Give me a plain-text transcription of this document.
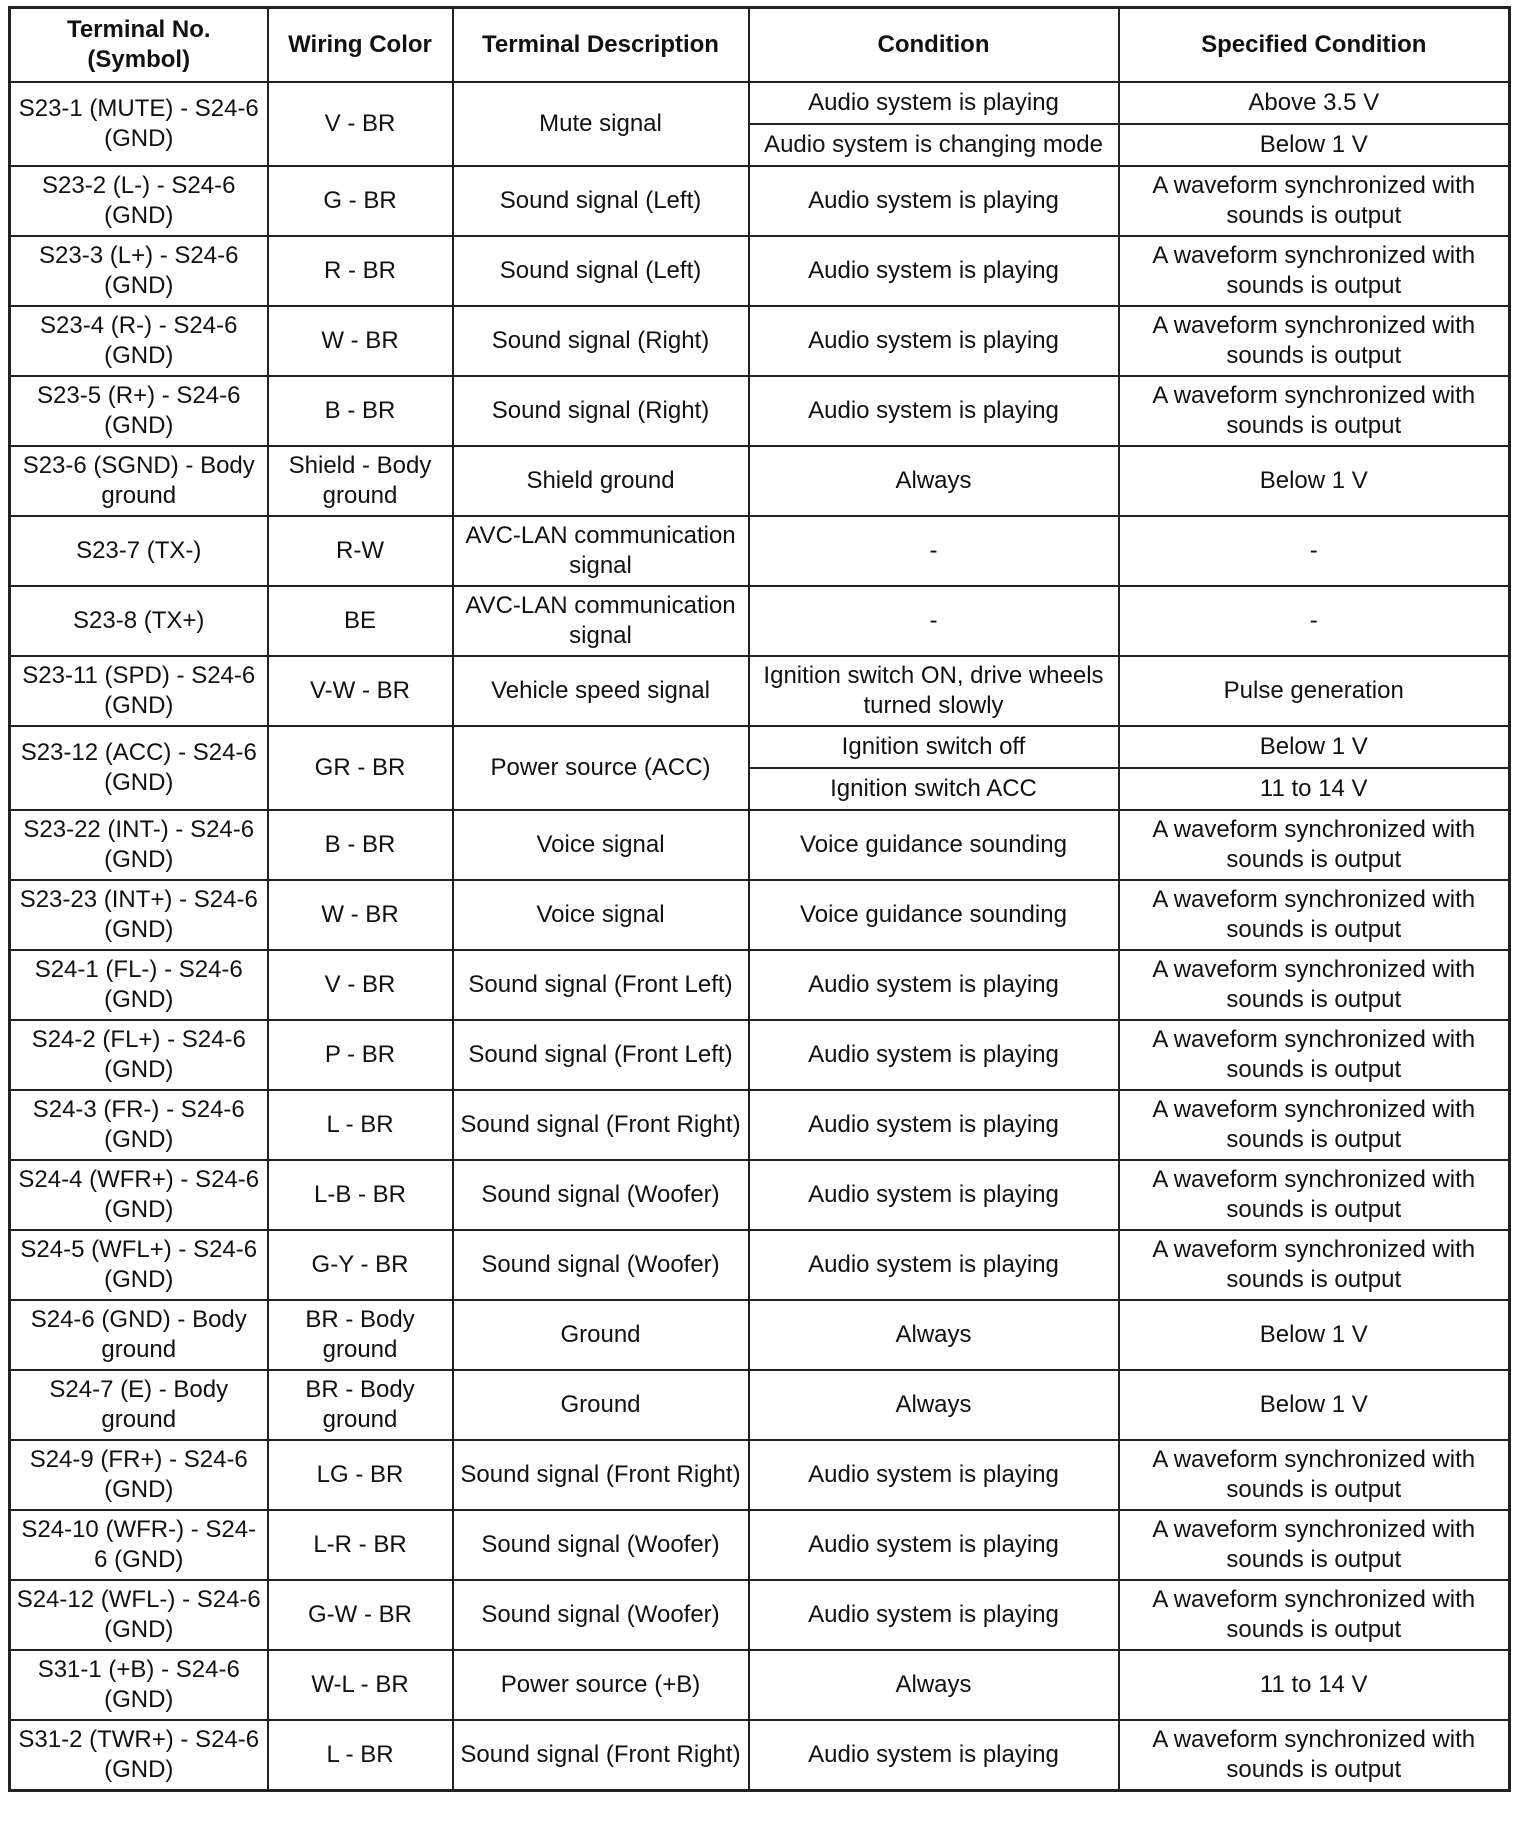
Terminal No. (Symbol)	Wiring Color	Terminal Description	Condition	Specified Condition
S23-1 (MUTE) - S24-6 (GND)	V - BR	Mute signal	Audio system is playing	Above 3.5 V
			Audio system is changing mode	Below 1 V
S23-2 (L-) - S24-6 (GND)	G - BR	Sound signal (Left)	Audio system is playing	A waveform synchronized with sounds is output
S23-3 (L+) - S24-6 (GND)	R - BR	Sound signal (Left)	Audio system is playing	A waveform synchronized with sounds is output
S23-4 (R-) - S24-6 (GND)	W - BR	Sound signal (Right)	Audio system is playing	A waveform synchronized with sounds is output
S23-5 (R+) - S24-6 (GND)	B - BR	Sound signal (Right)	Audio system is playing	A waveform synchronized with sounds is output
S23-6 (SGND) - Body ground	Shield - Body ground	Shield ground	Always	Below 1 V
S23-7 (TX-)	R-W	AVC-LAN communication signal	-	-
S23-8 (TX+)	BE	AVC-LAN communication signal	-	-
S23-11 (SPD) - S24-6 (GND)	V-W - BR	Vehicle speed signal	Ignition switch ON, drive wheels turned slowly	Pulse generation
S23-12 (ACC) - S24-6 (GND)	GR - BR	Power source (ACC)	Ignition switch off	Below 1 V
			Ignition switch ACC	11 to 14 V
S23-22 (INT-) - S24-6 (GND)	B - BR	Voice signal	Voice guidance sounding	A waveform synchronized with sounds is output
S23-23 (INT+) - S24-6 (GND)	W - BR	Voice signal	Voice guidance sounding	A waveform synchronized with sounds is output
S24-1 (FL-) - S24-6 (GND)	V - BR	Sound signal (Front Left)	Audio system is playing	A waveform synchronized with sounds is output
S24-2 (FL+) - S24-6 (GND)	P - BR	Sound signal (Front Left)	Audio system is playing	A waveform synchronized with sounds is output
S24-3 (FR-) - S24-6 (GND)	L - BR	Sound signal (Front Right)	Audio system is playing	A waveform synchronized with sounds is output
S24-4 (WFR+) - S24-6 (GND)	L-B - BR	Sound signal (Woofer)	Audio system is playing	A waveform synchronized with sounds is output
S24-5 (WFL+) - S24-6 (GND)	G-Y - BR	Sound signal (Woofer)	Audio system is playing	A waveform synchronized with sounds is output
S24-6 (GND) - Body ground	BR - Body ground	Ground	Always	Below 1 V
S24-7 (E) - Body ground	BR - Body ground	Ground	Always	Below 1 V
S24-9 (FR+) - S24-6 (GND)	LG - BR	Sound signal (Front Right)	Audio system is playing	A waveform synchronized with sounds is output
S24-10 (WFR-) - S24-6 (GND)	L-R - BR	Sound signal (Woofer)	Audio system is playing	A waveform synchronized with sounds is output
S24-12 (WFL-) - S24-6 (GND)	G-W - BR	Sound signal (Woofer)	Audio system is playing	A waveform synchronized with sounds is output
S31-1 (+B) - S24-6 (GND)	W-L - BR	Power source (+B)	Always	11 to 14 V
S31-2 (TWR+) - S24-6 (GND)	L - BR	Sound signal (Front Right)	Audio system is playing	A waveform synchronized with sounds is output
